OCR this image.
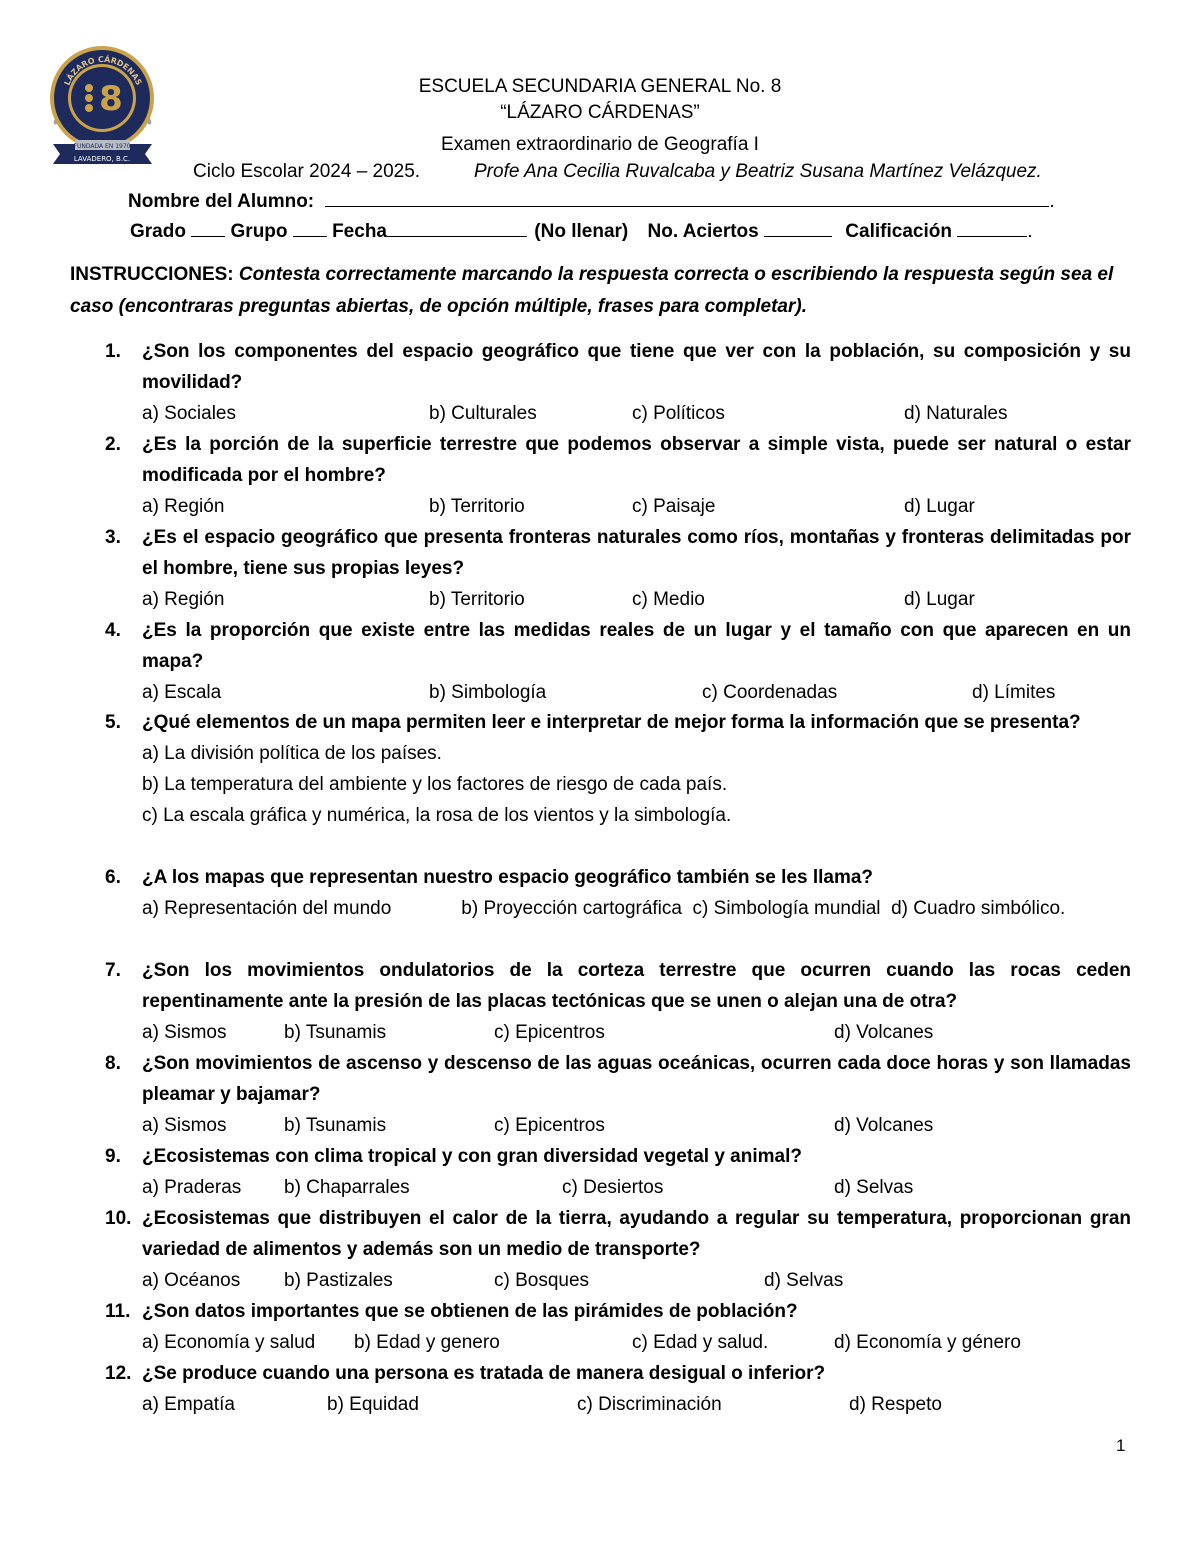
LÁZARO CÁRDENAS
8
FUNDADA EN 1970
LAVADERO, B.C.
ESCUELA SECUNDARIA GENERAL No. 8
“LÁZARO CÁRDENAS”
Examen extraordinario de Geografía I
Ciclo Escolar 2024 – 2025.	Profe Ana Cecilia Ruvalcaba y Beatriz Susana Martínez Velázquez.
Nombre del Alumno:	.
Grado Grupo Fecha	(No llenar) No. Aciertos	Calificación	.
INSTRUCCIONES: Contesta correctamente marcando la respuesta correcta o escribiendo la respuesta según sea el caso (encontraras preguntas abiertas, de opción múltiple, frases para completar).
1. ¿Son los componentes del espacio geográfico que tiene que ver con la población, su composición y su movilidad?
a) Sociales	b) Culturales	c) Políticos	d) Naturales
2. ¿Es la porción de la superficie terrestre que podemos observar a simple vista, puede ser natural o estar modificada por el hombre?
a) Región	b) Territorio	c) Paisaje	d) Lugar
3. ¿Es el espacio geográfico que presenta fronteras naturales como ríos, montañas y fronteras delimitadas por el hombre, tiene sus propias leyes?
a) Región	b) Territorio	c) Medio	d) Lugar
4. ¿Es la proporción que existe entre las medidas reales de un lugar y el tamaño con que aparecen en un mapa?
a) Escala	b) Simbología	c) Coordenadas	d) Límites
5. ¿Qué elementos de un mapa permiten leer e interpretar de mejor forma la información que se presenta?
a) La división política de los países.
b) La temperatura del ambiente y los factores de riesgo de cada país.
c) La escala gráfica y numérica, la rosa de los vientos y la simbología.
6. ¿A los mapas que representan nuestro espacio geográfico también se les llama?
a) Representación del mundo	b) Proyección cartográfica c) Simbología mundial d) Cuadro simbólico.
7. ¿Son los movimientos ondulatorios de la corteza terrestre que ocurren cuando las rocas ceden repentinamente ante la presión de las placas tectónicas que se unen o alejan una de otra?
a) Sismos	b) Tsunamis	c) Epicentros	d) Volcanes
8. ¿Son movimientos de ascenso y descenso de las aguas oceánicas, ocurren cada doce horas y son llamadas pleamar y bajamar?
a) Sismos	b) Tsunamis	c) Epicentros	d) Volcanes
9. ¿Ecosistemas con clima tropical y con gran diversidad vegetal y animal?
a) Praderas b) Chaparrales	c) Desiertos	d) Selvas
10. ¿Ecosistemas que distribuyen el calor de la tierra, ayudando a regular su temperatura, proporcionan gran variedad de alimentos y además son un medio de transporte?
a) Océanos b) Pastizales	c) Bosques	d) Selvas
11. ¿Son datos importantes que se obtienen de las pirámides de población?
a) Economía y salud b) Edad y genero	c) Edad y salud.	d) Economía y género
12. ¿Se produce cuando una persona es tratada de manera desigual o inferior?
a) Empatía	b) Equidad	c) Discriminación	d) Respeto
1
